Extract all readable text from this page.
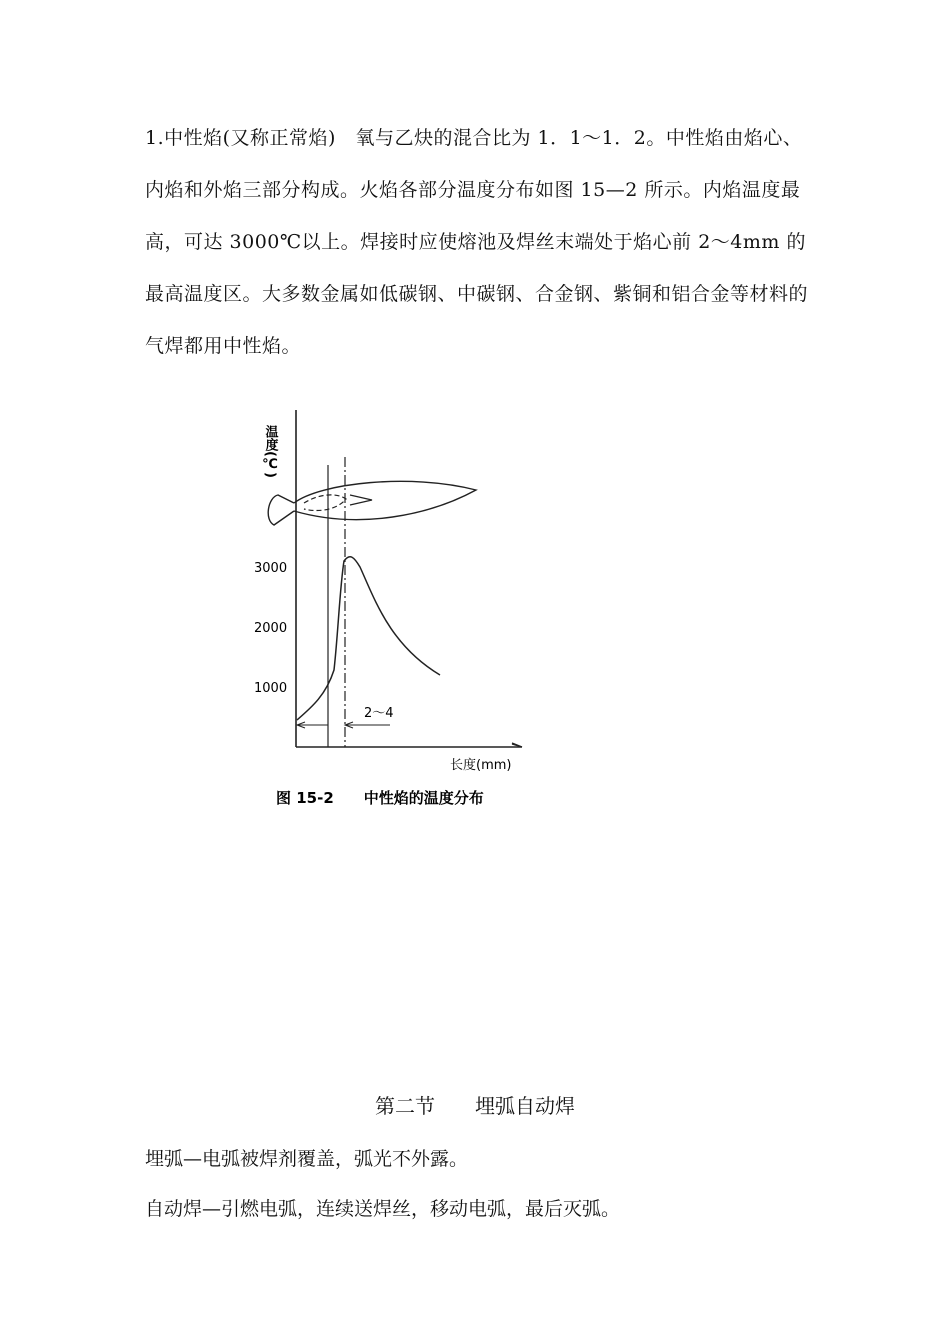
1.中性焰(又称正常焰)　氧与乙炔的混合比为 1．1～1．2。中性焰由焰心、内焰和外焰三部分构成。火焰各部分温度分布如图 15—2 所示。内焰温度最高，可达 3000℃以上。焊接时应使熔池及焊丝末端处于焰心前 2～4mm 的最高温度区。大多数金属如低碳钢、中碳钢、合金钢、紫铜和铝合金等材料的气焊都用中性焰。

温度(℃)
3000
2000
1000
2～4
长度(mm)
图 15-2　　中性焰的温度分布

第二节　　埋弧自动焊

埋弧—电弧被焊剂覆盖，弧光不外露。

自动焊—引燃电弧，连续送焊丝，移动电弧，最后灭弧。
